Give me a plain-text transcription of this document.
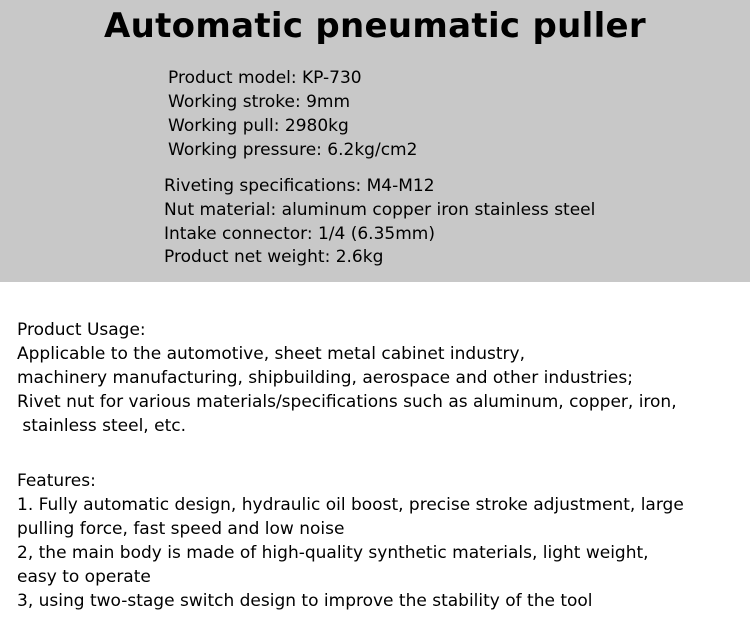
Automatic pneumatic puller
Product model: KP-730
Working stroke: 9mm
Working pull: 2980kg
Working pressure: 6.2kg/cm2
Riveting specifications: M4-M12
Nut material: aluminum copper iron stainless steel
Intake connector: 1/4 (6.35mm)
Product net weight: 2.6kg
Product Usage:
Applicable to the automotive, sheet metal cabinet industry,
machinery manufacturing, shipbuilding, aerospace and other industries;
Rivet nut for various materials/specifications such as aluminum, copper, iron,
stainless steel, etc.
Features:
1. Fully automatic design, hydraulic oil boost, precise stroke adjustment, large
pulling force, fast speed and low noise
2, the main body is made of high-quality synthetic materials, light weight,
easy to operate
3, using two-stage switch design to improve the stability of the tool
